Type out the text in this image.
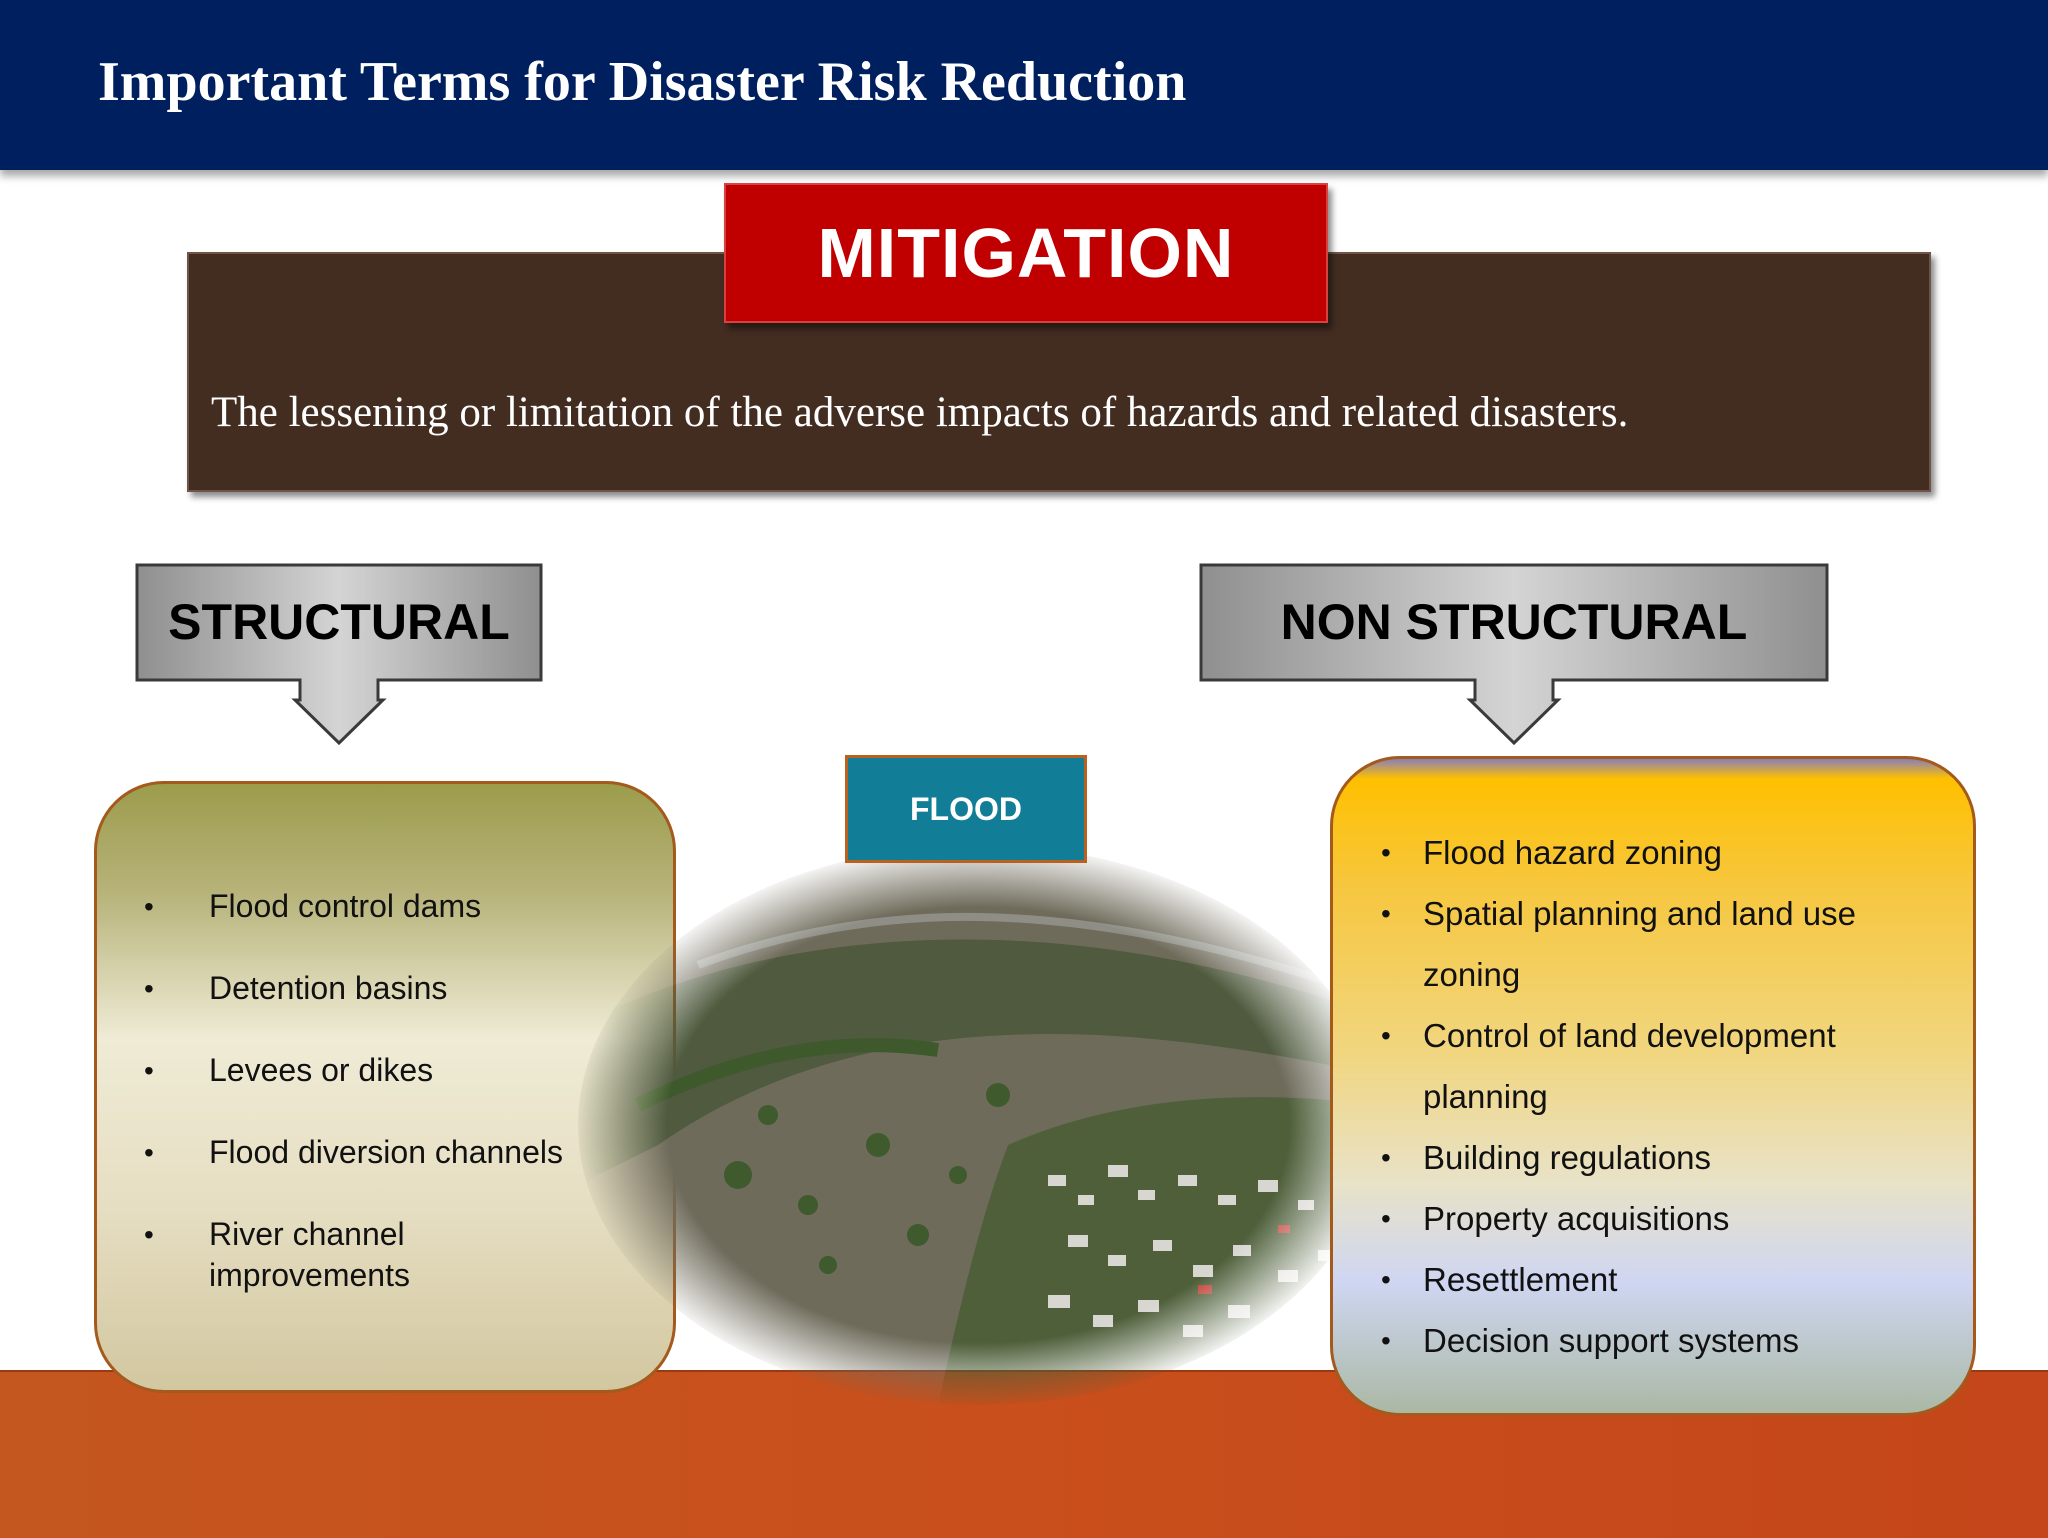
Important Terms for Disaster Risk Reduction
The lessening or limitation of the adverse impacts of hazards and related disasters.
MITIGATION
STRUCTURAL	NON STRUCTURAL
• Flood control dams
• Detention basins
• Levees or dikes
• Flood diversion channels
• River channel improvements
FLOOD
• Flood hazard zoning
• Spatial planning and land use zoning
• Control of land development planning
• Building regulations
• Property acquisitions
• Resettlement
• Decision support systems
